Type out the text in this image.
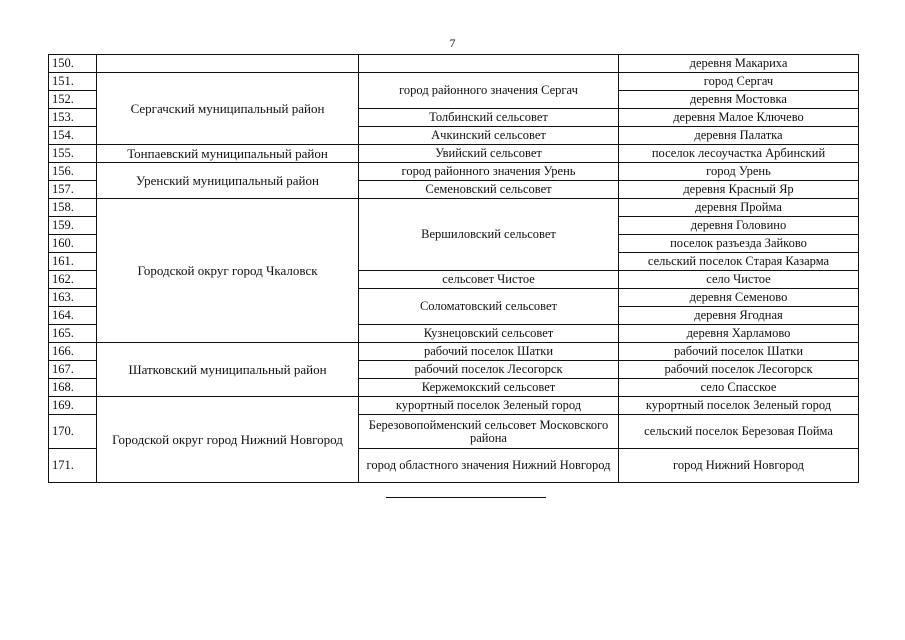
7
150.			деревня Макариха
151.	Сергачский муниципальный район	город районного значения Сергач	город Сергач
152.			деревня Мостовка
153.		Толбинский сельсовет	деревня Малое Ключево
154.		Ачкинский сельсовет	деревня Палатка
155.	Тонпаевский муниципальный район	Увийский сельсовет	поселок лесоучастка Арбинский
156.	Уренский муниципальный район	город районного значения Урень	город Урень
157.		Семеновский сельсовет	деревня Красный Яр
158.	Городской округ город Чкаловск	Вершиловский сельсовет	деревня Пройма
159.			деревня Головино
160.			поселок разъезда Зайково
161.			сельский поселок Старая Казарма
162.		сельсовет Чистое	село Чистое
163.		Соломатовский сельсовет	деревня Семеново
164.			деревня Ягодная
165.		Кузнецовский сельсовет	деревня Харламово
166.	Шатковский муниципальный район	рабочий поселок Шатки	рабочий поселок Шатки
167.		рабочий поселок Лесогорск	рабочий поселок Лесогорск
168.		Кержемокский сельсовет	село Спасское
169.	Городской округ город Нижний Новгород	курортный поселок Зеленый город	курортный поселок Зеленый город
170.		Березовопойменский сельсовет Московского района	сельский поселок Березовая Пойма
171.		город областного значения Нижний Новгород	город Нижний Новгород
